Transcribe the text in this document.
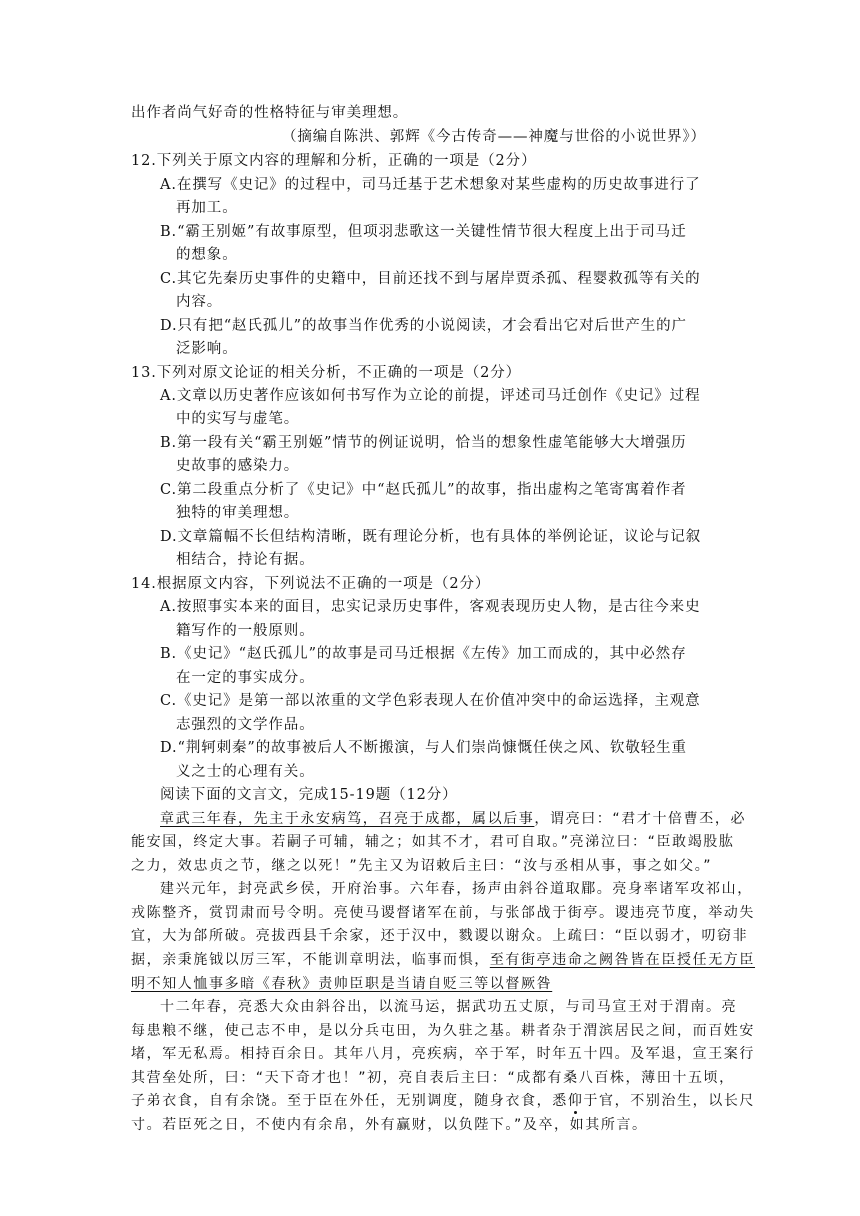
出作者尚气好奇的性格特征与审美理想。
（摘编自陈洪、郭辉《今古传奇——神魔与世俗的小说世界》）
12.下列关于原文内容的理解和分析，正确的一项是（2分）
A.在撰写《史记》的过程中，司马迁基于艺术想象对某些虚构的历史故事进行了
再加工。
B.“霸王别姬”有故事原型，但项羽悲歌这一关键性情节很大程度上出于司马迁
的想象。
C.其它先秦历史事件的史籍中，目前还找不到与屠岸贾杀孤、程婴救孤等有关的
内容。
D.只有把“赵氏孤儿”的故事当作优秀的小说阅读，才会看出它对后世产生的广
泛影响。
13.下列对原文论证的相关分析，不正确的一项是（2分）
A.文章以历史著作应该如何书写作为立论的前提，评述司马迁创作《史记》过程
中的实写与虚笔。
B.第一段有关“霸王别姬”情节的例证说明，恰当的想象性虚笔能够大大增强历
史故事的感染力。
C.第二段重点分析了《史记》中“赵氏孤儿”的故事，指出虚构之笔寄寓着作者
独特的审美理想。
D.文章篇幅不长但结构清晰，既有理论分析，也有具体的举例论证，议论与记叙
相结合，持论有据。
14.根据原文内容，下列说法不正确的一项是（2分）
A.按照事实本来的面目，忠实记录历史事件，客观表现历史人物，是古往今来史
籍写作的一般原则。
B.《史记》“赵氏孤儿”的故事是司马迁根据《左传》加工而成的，其中必然存
在一定的事实成分。
C.《史记》是第一部以浓重的文学色彩表现人在价值冲突中的命运选择，主观意
志强烈的文学作品。
D.“荆轲刺秦”的故事被后人不断搬演，与人们崇尚慷慨任侠之风、钦敬轻生重
义之士的心理有关。
阅读下面的文言文，完成15-19题（12分）
章武三年春，先主于永安病笃，召亮于成都，属以后事，谓亮曰：“君才十倍曹丕，必
能安国，终定大事。若嗣子可辅，辅之；如其不才，君可自取。”亮涕泣曰：“臣敢竭股肱
之力，效忠贞之节，继之以死！”先主又为诏敕后主曰：“汝与丞相从事，事之如父。”
建兴元年，封亮武乡侯，开府治事。六年春，扬声由斜谷道取郿。亮身率诸军攻祁山，
戎陈整齐，赏罚肃而号令明。亮使马谡督诸军在前，与张郃战于街亭。谡违亮节度，举动失
宜，大为郃所破。亮拔西县千余家，还于汉中，戮谡以谢众。上疏曰：“臣以弱才，叨窃非
据，亲秉旄钺以厉三军，不能训章明法，临事而惧，至有街亭违命之阙咎皆在臣授任无方臣
明不知人恤事多暗《春秋》责帅臣职是当请自贬三等以督厥咎
十二年春，亮悉大众由斜谷出，以流马运，据武功五丈原，与司马宣王对于渭南。亮
每患粮不继，使己志不申，是以分兵屯田，为久驻之基。耕者杂于渭滨居民之间，而百姓安
堵，军无私焉。相持百余日。其年八月，亮疾病，卒于军，时年五十四。及军退，宣王案行
其营垒处所，曰：“天下奇才也！”初，亮自表后主曰：“成都有桑八百株，薄田十五顷，
子弟衣食，自有余饶。至于臣在外任，无别调度，随身衣食，悉仰于官，不别治生，以长尺
寸。若臣死之日，不使内有余帛，外有赢财，以负陛下。”及卒，如其所言。
